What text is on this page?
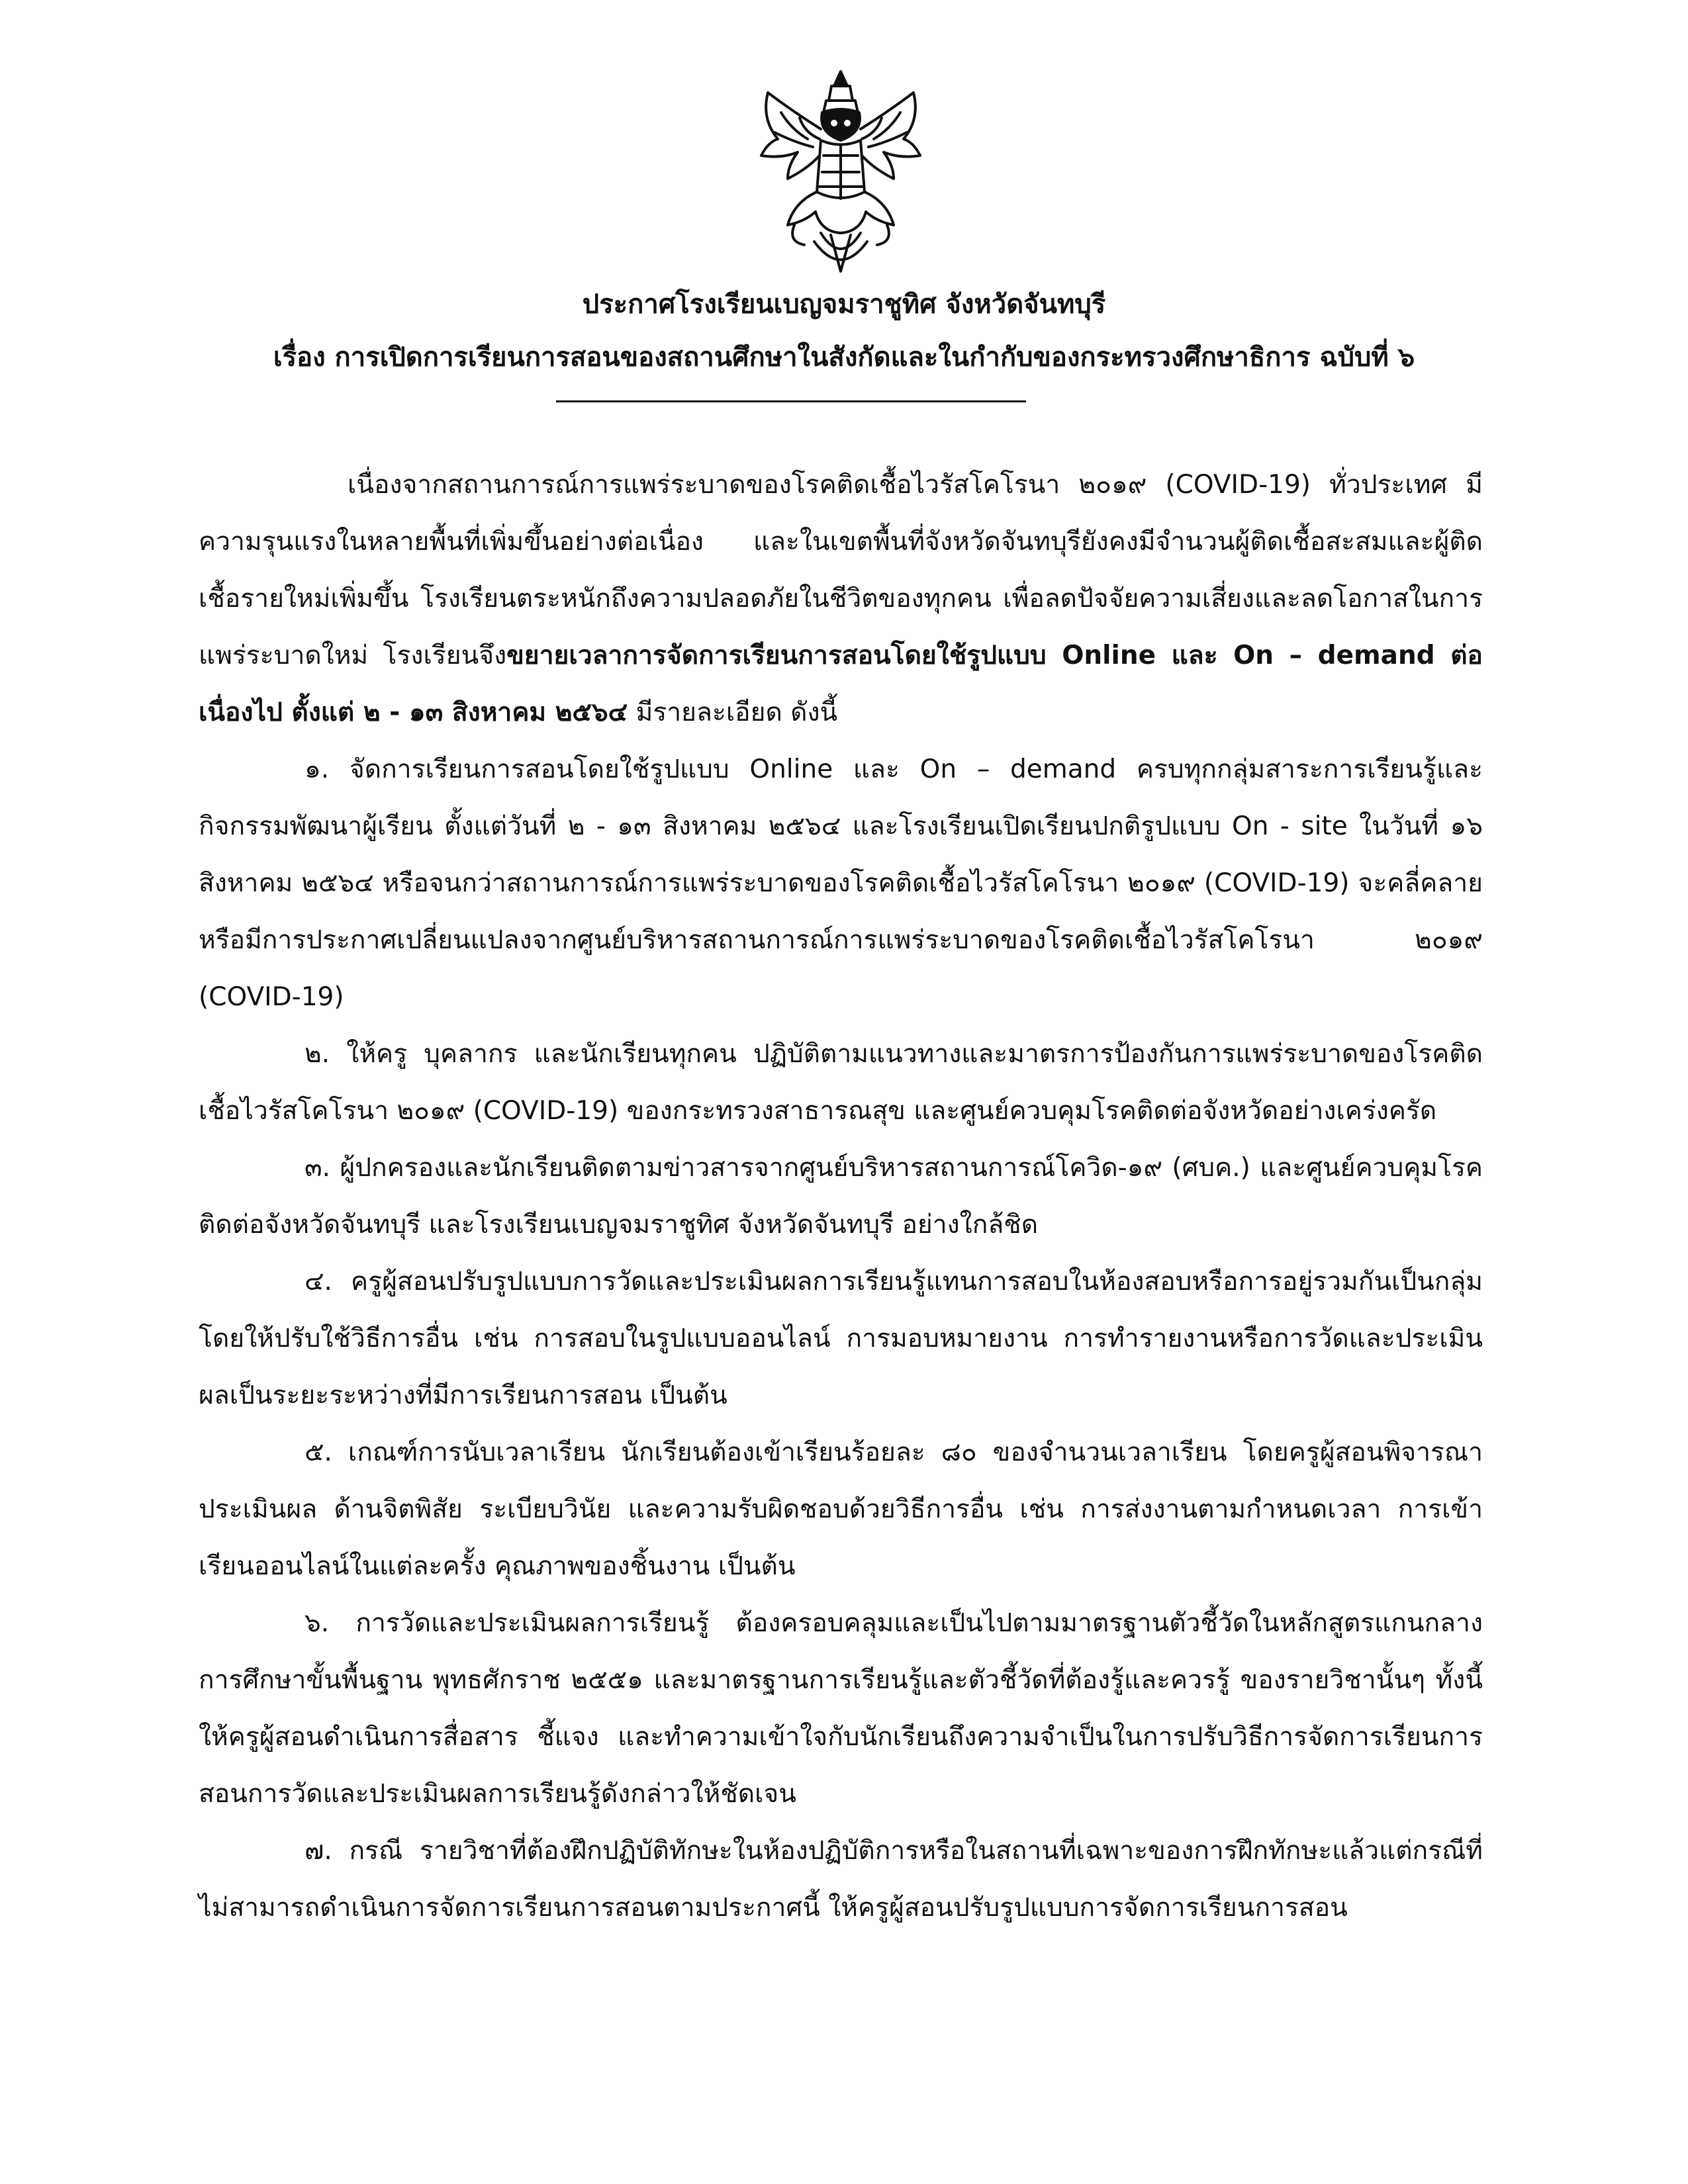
ประกาศโรงเรียนเบญจมราชูทิศ จังหวัดจันทบุรี
เรื่อง การเปิดการเรียนการสอนของสถานศึกษาในสังกัดและในกำกับของกระทรวงศึกษาธิการ ฉบับที่ ๖

เนื่องจากสถานการณ์การแพร่ระบาดของโรคติดเชื้อไวรัสโคโรนา ๒๐๑๙ (COVID-19) ทั่วประเทศ มีความรุนแรงในหลายพื้นที่เพิ่มขึ้นอย่างต่อเนื่อง และในเขตพื้นที่จังหวัดจันทบุรียังคงมีจำนวนผู้ติดเชื้อสะสมและผู้ติดเชื้อรายใหม่เพิ่มขึ้น โรงเรียนตระหนักถึงความปลอดภัยในชีวิตของทุกคน เพื่อลดปัจจัยความเสี่ยงและลดโอกาสในการแพร่ระบาดใหม่ โรงเรียนจึงขยายเวลาการจัดการเรียนการสอนโดยใช้รูปแบบ Online และ On – demand ต่อเนื่องไป ตั้งแต่ ๒ - ๑๓ สิงหาคม ๒๕๖๔ มีรายละเอียด ดังนี้

๑. จัดการเรียนการสอนโดยใช้รูปแบบ Online และ On – demand ครบทุกกลุ่มสาระการเรียนรู้และกิจกรรมพัฒนาผู้เรียน ตั้งแต่วันที่ ๒ - ๑๓ สิงหาคม ๒๕๖๔ และโรงเรียนเปิดเรียนปกติรูปแบบ On - site ในวันที่ ๑๖ สิงหาคม ๒๕๖๔ หรือจนกว่าสถานการณ์การแพร่ระบาดของโรคติดเชื้อไวรัสโคโรนา ๒๐๑๙ (COVID-19) จะคลี่คลายหรือมีการประกาศเปลี่ยนแปลงจากศูนย์บริหารสถานการณ์การแพร่ระบาดของโรคติดเชื้อไวรัสโคโรนา ๒๐๑๙ (COVID-19)

๒. ให้ครู บุคลากร และนักเรียนทุกคน ปฏิบัติตามแนวทางและมาตรการป้องกันการแพร่ระบาดของโรคติดเชื้อไวรัสโคโรนา ๒๐๑๙ (COVID-19) ของกระทรวงสาธารณสุข และศูนย์ควบคุมโรคติดต่อจังหวัดอย่างเคร่งครัด

๓. ผู้ปกครองและนักเรียนติดตามข่าวสารจากศูนย์บริหารสถานการณ์โควิด-๑๙ (ศบค.) และศูนย์ควบคุมโรคติดต่อจังหวัดจันทบุรี และโรงเรียนเบญจมราชูทิศ จังหวัดจันทบุรี อย่างใกล้ชิด

๔. ครูผู้สอนปรับรูปแบบการวัดและประเมินผลการเรียนรู้แทนการสอบในห้องสอบหรือการอยู่รวมกันเป็นกลุ่ม โดยให้ปรับใช้วิธีการอื่น เช่น การสอบในรูปแบบออนไลน์ การมอบหมายงาน การทำรายงานหรือการวัดและประเมินผลเป็นระยะระหว่างที่มีการเรียนการสอน เป็นต้น

๕. เกณฑ์การนับเวลาเรียน นักเรียนต้องเข้าเรียนร้อยละ ๘๐ ของจำนวนเวลาเรียน โดยครูผู้สอนพิจารณาประเมินผล ด้านจิตพิสัย ระเบียบวินัย และความรับผิดชอบด้วยวิธีการอื่น เช่น การส่งงานตามกำหนดเวลา การเข้าเรียนออนไลน์ในแต่ละครั้ง คุณภาพของชิ้นงาน เป็นต้น

๖. การวัดและประเมินผลการเรียนรู้ ต้องครอบคลุมและเป็นไปตามมาตรฐานตัวชี้วัดในหลักสูตรแกนกลางการศึกษาขั้นพื้นฐาน พุทธศักราช ๒๕๕๑ และมาตรฐานการเรียนรู้และตัวชี้วัดที่ต้องรู้และควรรู้ ของรายวิชานั้นๆ ทั้งนี้ให้ครูผู้สอนดำเนินการสื่อสาร ชี้แจง และทำความเข้าใจกับนักเรียนถึงความจำเป็นในการปรับวิธีการจัดการเรียนการสอนการวัดและประเมินผลการเรียนรู้ดังกล่าวให้ชัดเจน

๗. กรณี รายวิชาที่ต้องฝึกปฏิบัติทักษะในห้องปฏิบัติการหรือในสถานที่เฉพาะของการฝึกทักษะแล้วแต่กรณีที่ไม่สามารถดำเนินการจัดการเรียนการสอนตามประกาศนี้ ให้ครูผู้สอนปรับรูปแบบการจัดการเรียนการสอน
